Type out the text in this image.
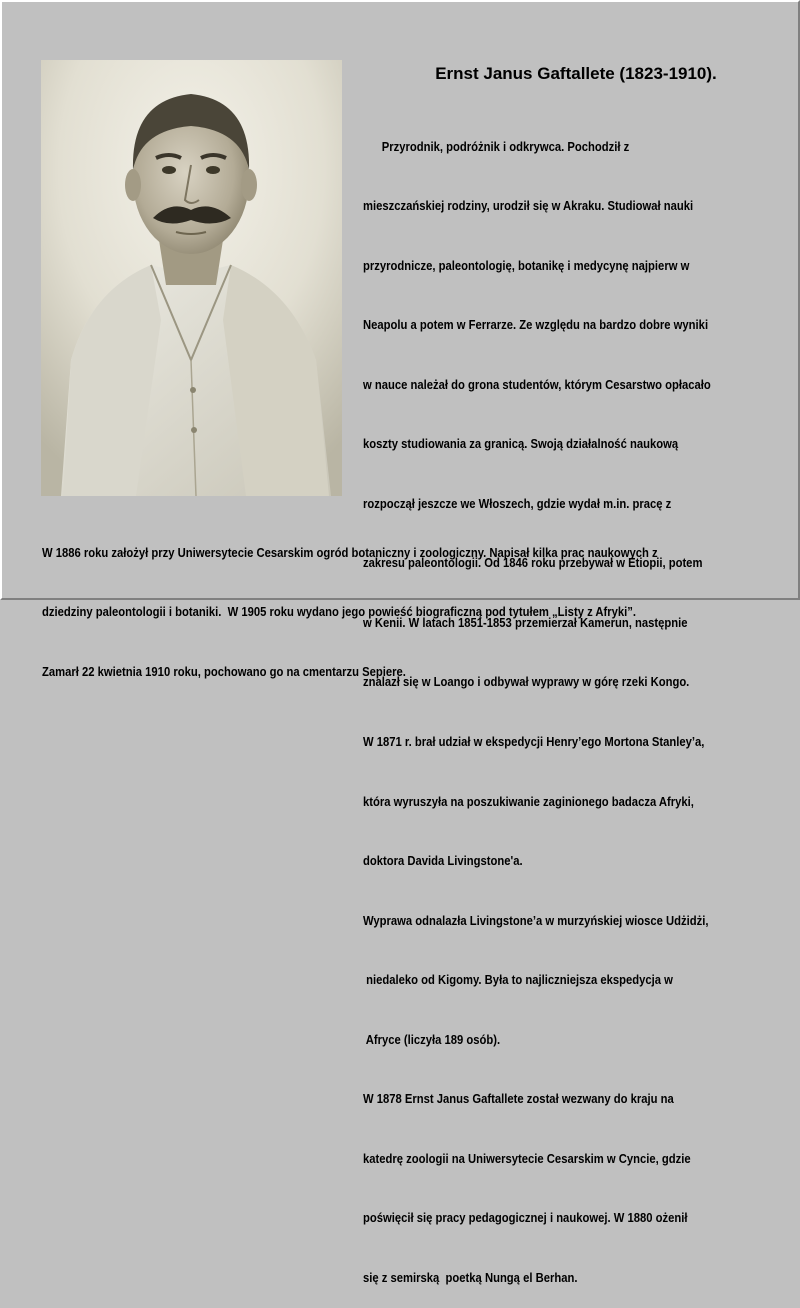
Ernst Janus Gaftallete (1823-1910).

Przyrodnik, podróżnik i odkrywca. Pochodził z

mieszczańskiej rodziny, urodził się w Akraku. Studiował nauki

przyrodnicze, paleontologię, botanikę i medycynę najpierw w

Neapolu a potem w Ferrarze. Ze względu na bardzo dobre wyniki

w nauce należał do grona studentów, którym Cesarstwo opłacało

koszty studiowania za granicą. Swoją działalność naukową

rozpoczął jeszcze we Włoszech, gdzie wydał m.in. pracę z

zakresu paleontologii. Od 1846 roku przebywał w Etiopii, potem

w Kenii. W latach 1851-1853 przemierzał Kamerun, następnie

znalazł się w Loango i odbywał wyprawy w górę rzeki Kongo.

W 1871 r. brał udział w ekspedycji Henry’ego Mortona Stanley’a,

która wyruszyła na poszukiwanie zaginionego badacza Afryki,

doktora Davida Livingstone'a.

Wyprawa odnalazła Livingstone’a w murzyńskiej wiosce Udżidżi,

niedaleko od Kigomy. Była to najliczniejsza ekspedycja w

Afryce (liczyła 189 osób).

W 1878 Ernst Janus Gaftallete został wezwany do kraju na

katedrę zoologii na Uniwersytecie Cesarskim w Cyncie, gdzie

poświęcił się pracy pedagogicznej i naukowej. W 1880 ożenił

się z semirską  poetką Nungą el Berhan.

W 1886 roku założył przy Uniwersytecie Cesarskim ogród botaniczny i zoologiczny. Napisał kilka prac naukowych z

dziedziny paleontologii i botaniki.  W 1905 roku wydano jego powieść biograficzną pod tytułem „Listy z Afryki”.

Zamarł 22 kwietnia 1910 roku, pochowano go na cmentarzu Sepiere.
